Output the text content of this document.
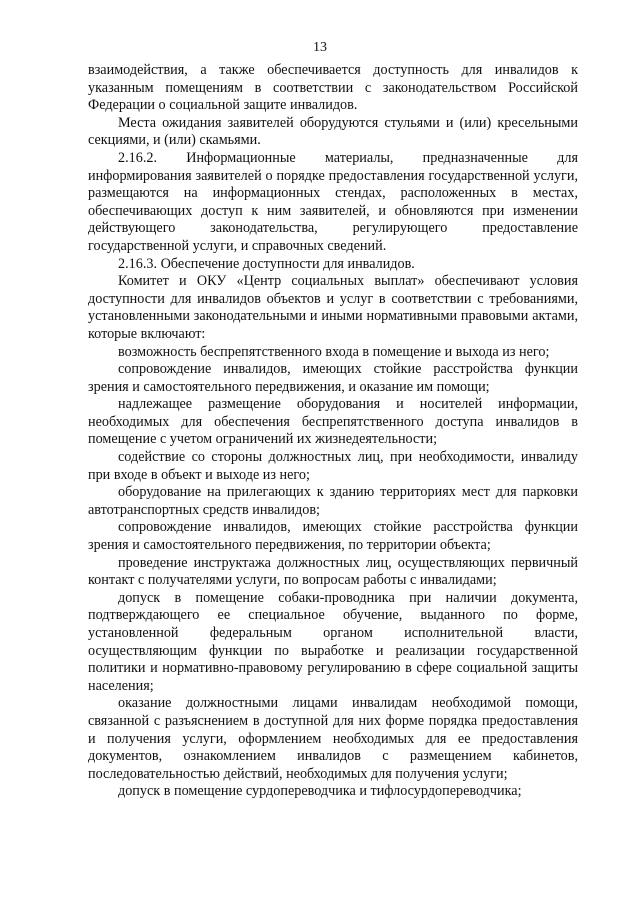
13

взаимодействия, а также обеспечивается доступность для инвалидов к указанным помещениям в соответствии с законодательством Российской Федерации о социальной защите инвалидов.

Места ожидания заявителей оборудуются стульями и (или) кресельными секциями, и (или) скамьями.

2.16.2. Информационные материалы, предназначенные для информирования заявителей о порядке предоставления государственной услуги, размещаются на информационных стендах, расположенных в местах, обеспечивающих доступ к ним заявителей, и обновляются при изменении действующего законодательства, регулирующего предоставление государственной услуги, и справочных сведений.

2.16.3. Обеспечение доступности для инвалидов.

Комитет и ОКУ «Центр социальных выплат» обеспечивают условия доступности для инвалидов объектов и услуг в соответствии с требованиями, установленными законодательными и иными нормативными правовыми актами, которые включают:

возможность беспрепятственного входа в помещение и выхода из него;

сопровождение инвалидов, имеющих стойкие расстройства функции зрения и самостоятельного передвижения, и оказание им помощи;

надлежащее размещение оборудования и носителей информации, необходимых для обеспечения беспрепятственного доступа инвалидов в помещение с учетом ограничений их жизнедеятельности;

содействие со стороны должностных лиц, при необходимости, инвалиду при входе в объект и выходе из него;

оборудование на прилегающих к зданию территориях мест для парковки автотранспортных средств инвалидов;

сопровождение инвалидов, имеющих стойкие расстройства функции зрения и самостоятельного передвижения, по территории объекта;

проведение инструктажа должностных лиц, осуществляющих первичный контакт с получателями услуги, по вопросам работы с инвалидами;

допуск в помещение собаки-проводника при наличии документа, подтверждающего ее специальное обучение, выданного по форме, установленной федеральным органом исполнительной власти, осуществляющим функции по выработке и реализации государственной политики и нормативно-правовому регулированию в сфере социальной защиты населения;

оказание должностными лицами инвалидам необходимой помощи, связанной с разъяснением в доступной для них форме порядка предоставления и получения услуги, оформлением необходимых для ее предоставления документов, ознакомлением инвалидов с размещением кабинетов, последовательностью действий, необходимых для получения услуги;

допуск в помещение сурдопереводчика и тифлосурдопереводчика;
